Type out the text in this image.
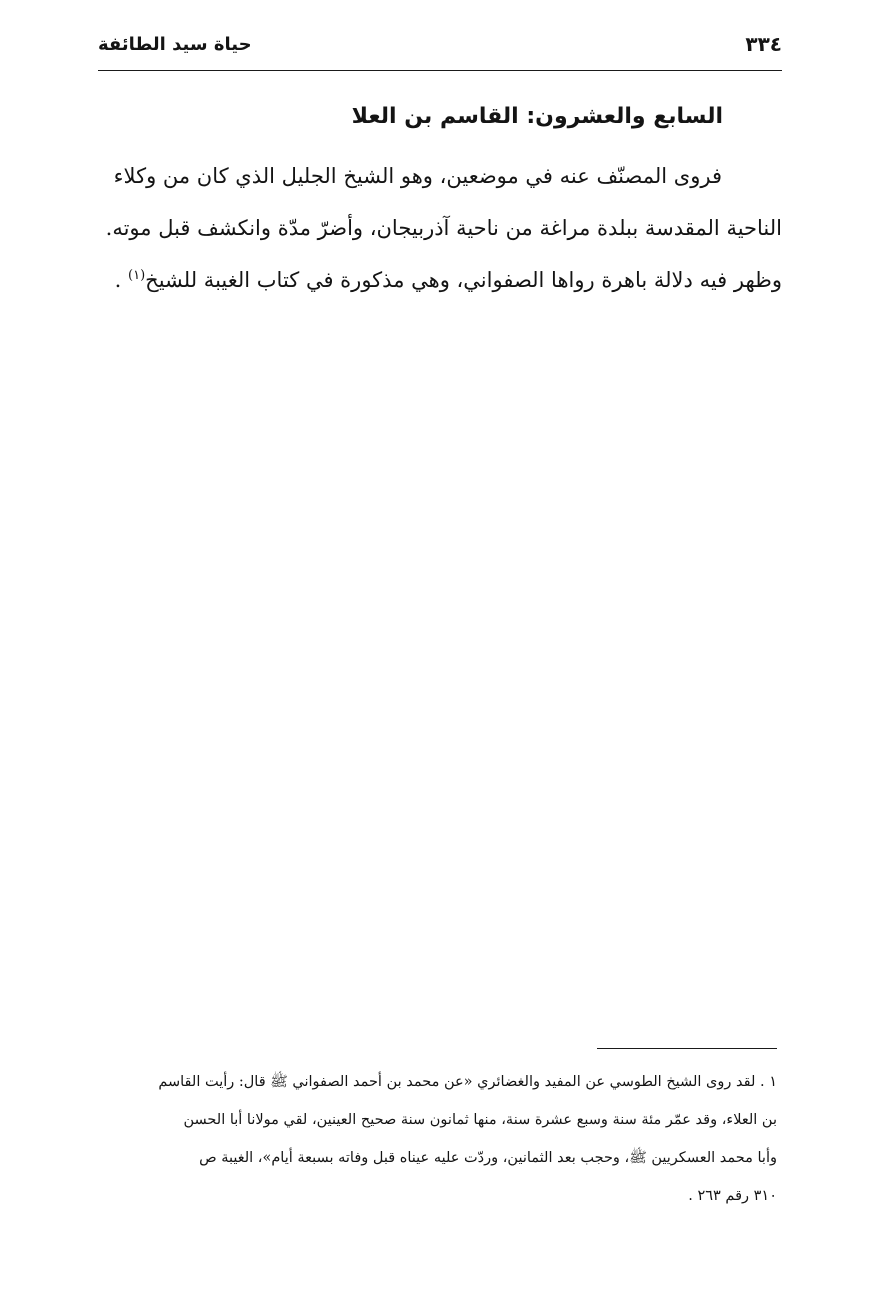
٣٣٤
حياة سيد الطائفة
السابع والعشرون: القاسم بن العلا

فروى المصنّف عنه في موضعين، وهو الشيخ الجليل الذي كان من وكلاء
الناحية المقدسة ببلدة مراغة من ناحية آذربيجان، وأضرّ مدّة وانكشف قبل موته.
وظهر فيه دلالة باهرة رواها الصفواني، وهي مذكورة في كتاب الغيبة للشيخ$^{(١)}$ .

١ . لقد روى الشيخ الطوسي عن المفيد والغضائري «عن محمد بن أحمد الصفواني ﷺ قال: رأيت القاسم
بن العلاء، وقد عمّر مئة سنة وسبع عشرة سنة، منها ثمانون سنة صحيح العينين، لقي مولانا أبا الحسن
وأبا محمد العسكريين ﷺ، وحجب بعد الثمانين، وردّت عليه عيناه قبل وفاته بسبعة أيام»، الغيبة ص
٣١٠ رقم ٢٦٣ .
